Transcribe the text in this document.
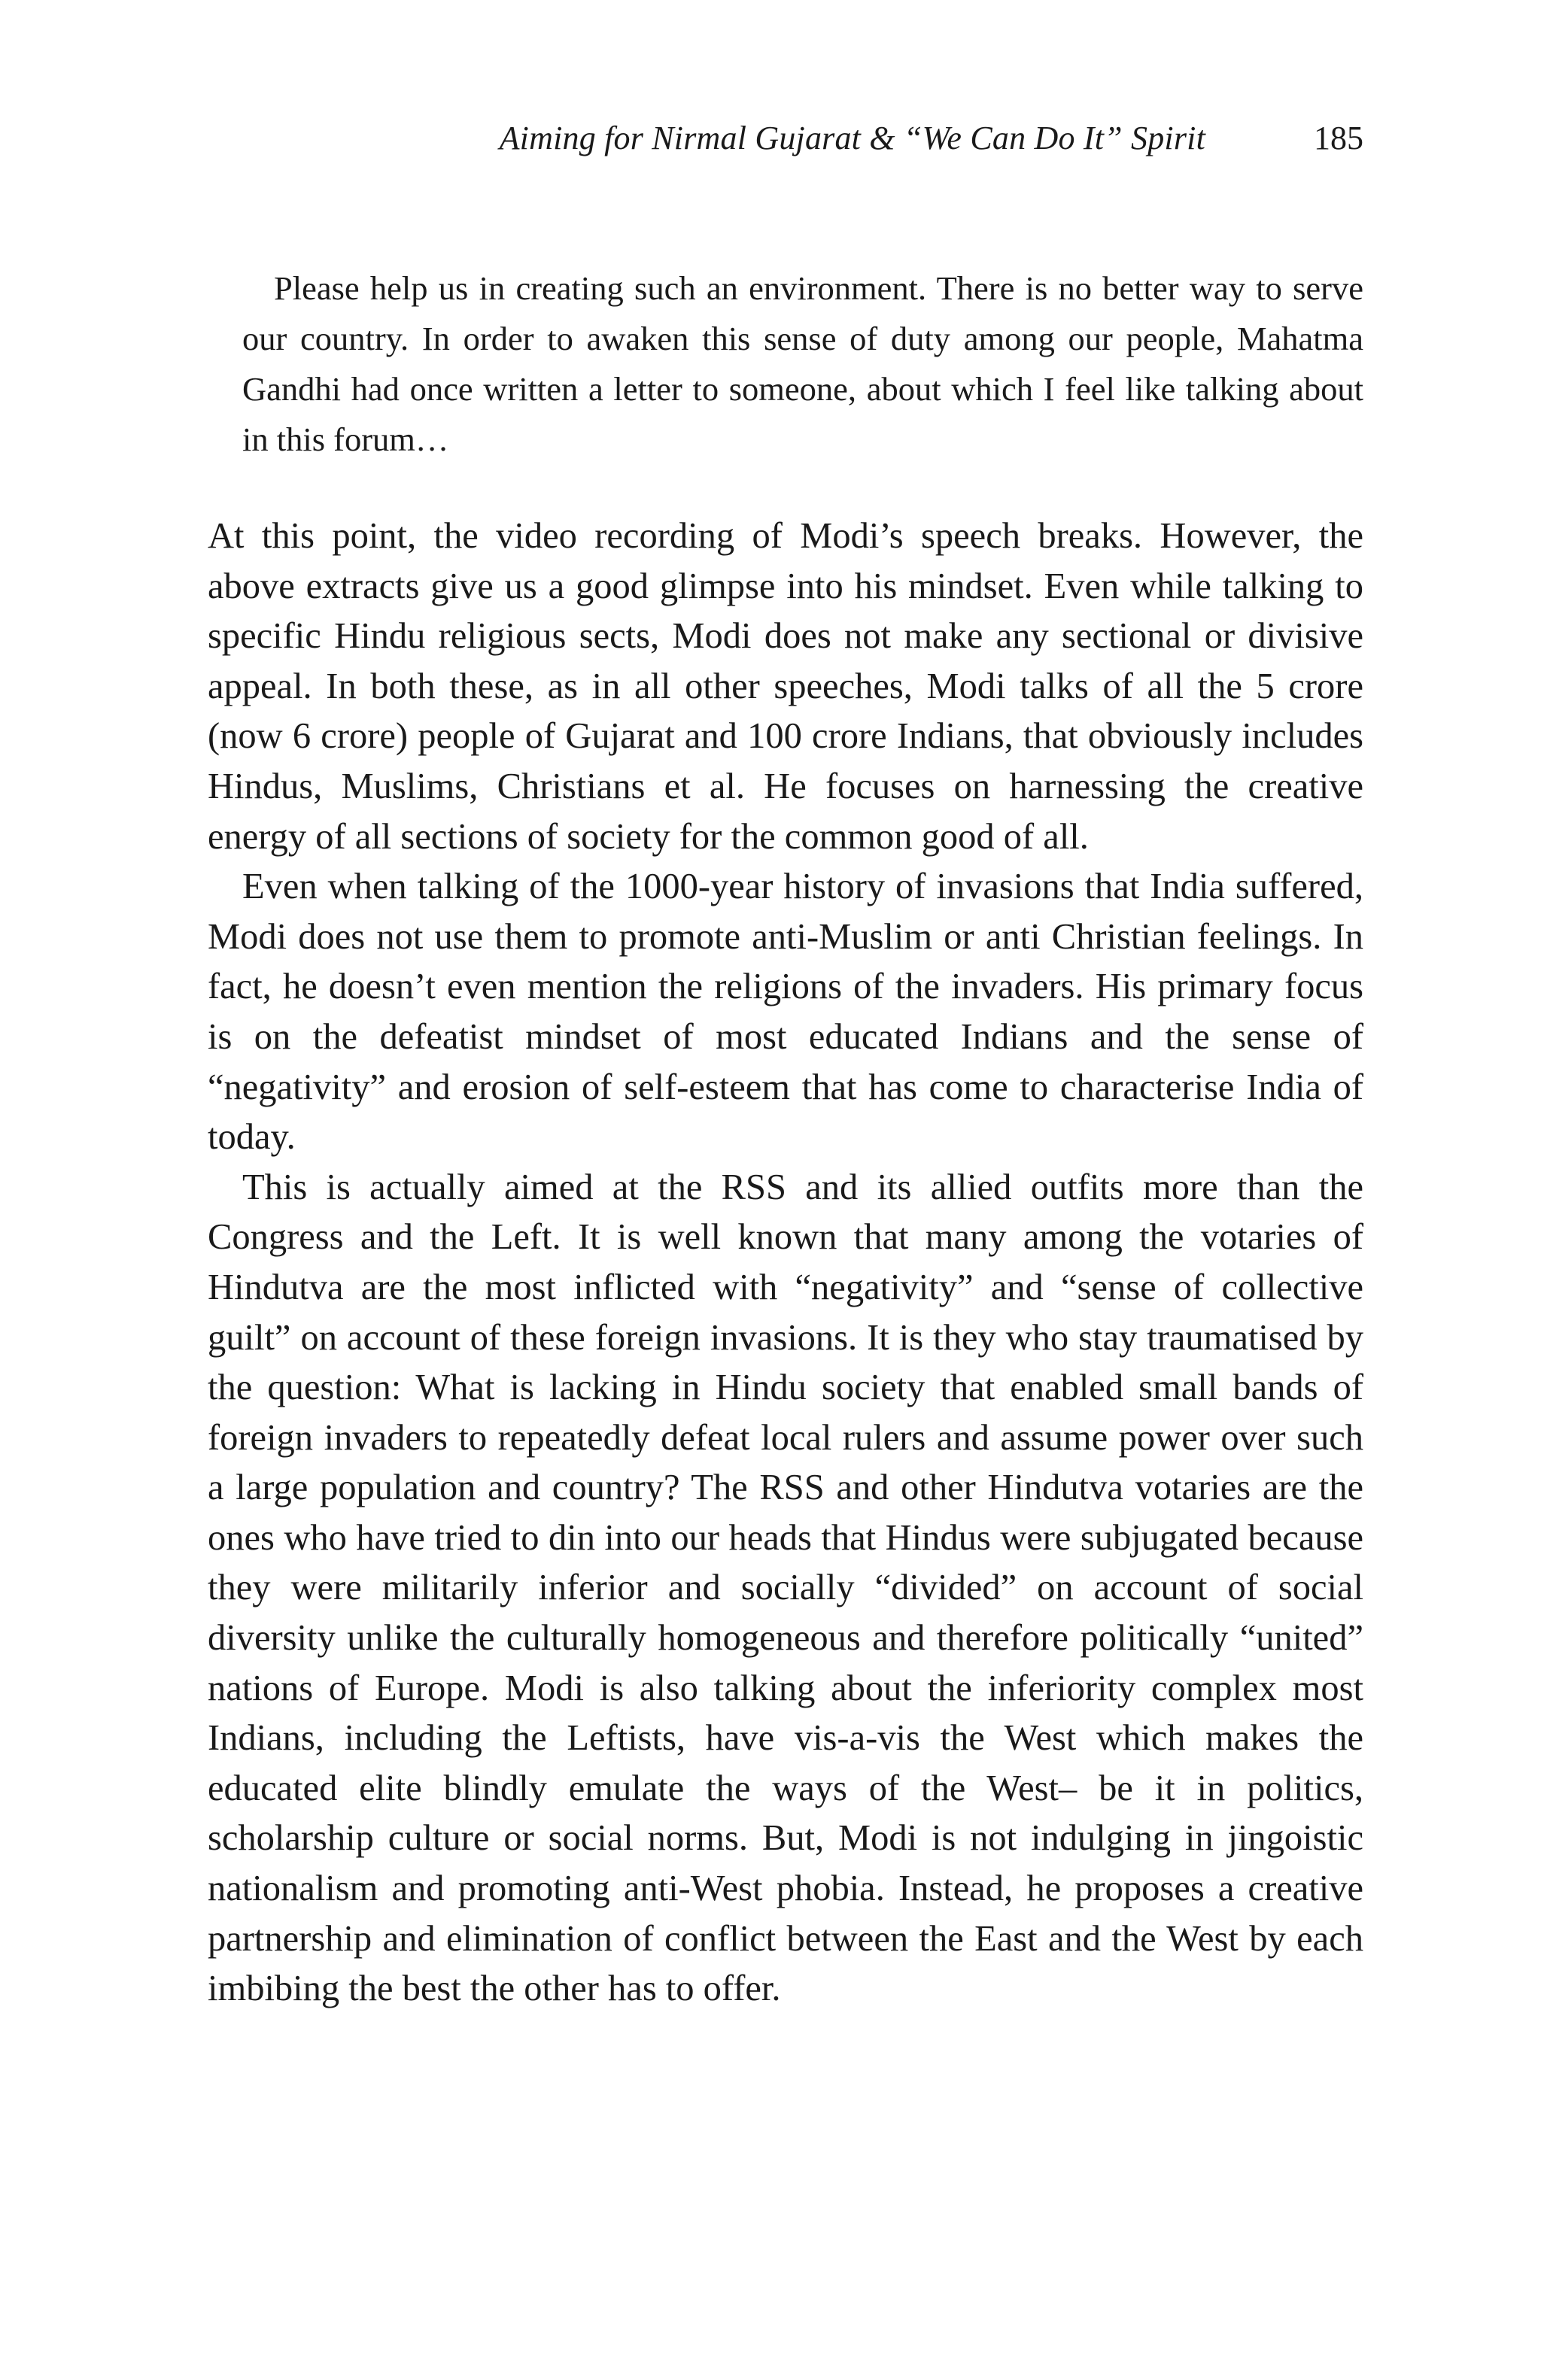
Aiming for Nirmal Gujarat & “We Can Do It” Spirit	185
Please help us in creating such an environment. There is no better way to serve our country. In order to awaken this sense of duty among our people, Mahatma Gandhi had once written a letter to someone, about which I feel like talking about in this forum…

At this point, the video recording of Modi’s speech breaks. However, the above extracts give us a good glimpse into his mindset. Even while talking to specific Hindu religious sects, Modi does not make any sectional or divisive appeal. In both these, as in all other speeches, Modi talks of all the 5 crore (now 6 crore) people of Gujarat and 100 crore Indians, that obviously includes Hindus, Muslims, Christians et al. He focuses on harnessing the creative energy of all sections of society for the common good of all.

Even when talking of the 1000-year history of invasions that India suffered, Modi does not use them to promote anti-Muslim or anti Christian feelings. In fact, he doesn’t even mention the religions of the invaders. His primary focus is on the defeatist mindset of most educated Indians and the sense of “negativity” and erosion of self-esteem that has come to characterise India of today.

This is actually aimed at the RSS and its allied outfits more than the Congress and the Left. It is well known that many among the votaries of Hindutva are the most inflicted with “negativity” and “sense of collective guilt” on account of these foreign invasions. It is they who stay traumatised by the question: What is lacking in Hindu society that enabled small bands of foreign invaders to repeatedly defeat local rulers and assume power over such a large population and country? The RSS and other Hindutva votaries are the ones who have tried to din into our heads that Hindus were subjugated because they were militarily inferior and socially “divided” on account of social diversity unlike the culturally homogeneous and therefore politically “united” nations of Europe. Modi is also talking about the inferiority complex most Indians, including the Leftists, have vis-a-vis the West which makes the educated elite blindly emulate the ways of the West– be it in politics, scholarship culture or social norms. But, Modi is not indulging in jingoistic nationalism and promoting anti-West phobia. Instead, he proposes a creative partnership and elimination of conflict between the East and the West by each imbibing the best the other has to offer.
